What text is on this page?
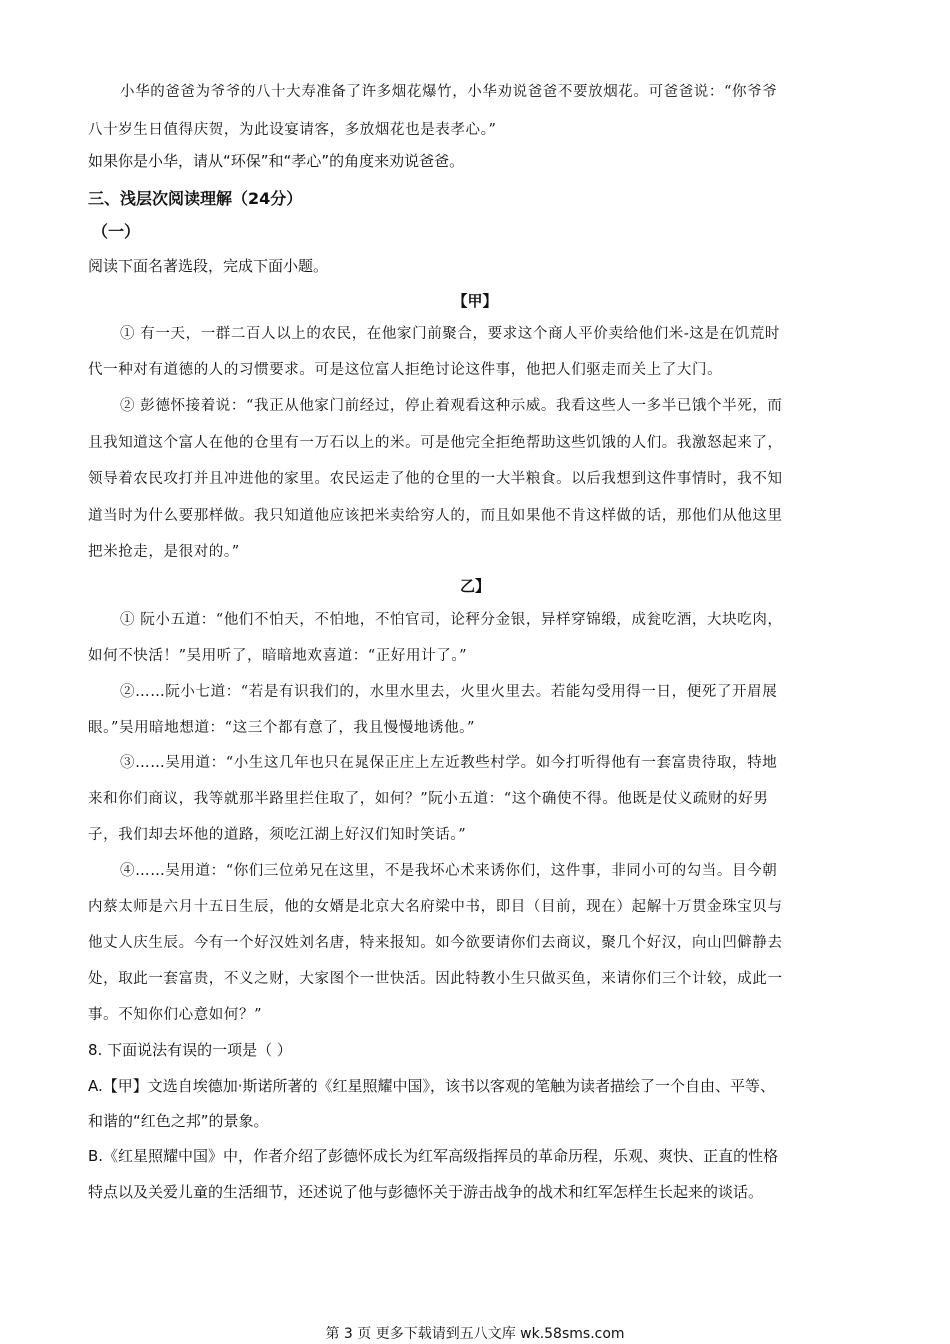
小华的爸爸为爷爷的八十大寿准备了许多烟花爆竹，小华劝说爸爸不要放烟花。可爸爸说：“你爷爷

八十岁生日值得庆贺，为此设宴请客，多放烟花也是表孝心。”

如果你是小华，请从“环保”和“孝心”的角度来劝说爸爸。

三、浅层次阅读理解（24分）

（一）

阅读下面名著选段，完成下面小题。

【甲】

① 有一天，一群二百人以上的农民，在他家门前聚合，要求这个商人平价卖给他们米-这是在饥荒时

代一种对有道德的人的习惯要求。可是这位富人拒绝讨论这件事，他把人们驱走而关上了大门。

② 彭德怀接着说：“我正从他家门前经过，停止着观看这种示威。我看这些人一多半已饿个半死，而

且我知道这个富人在他的仓里有一万石以上的米。可是他完全拒绝帮助这些饥饿的人们。我激怒起来了，

领导着农民攻打并且冲进他的家里。农民运走了他的仓里的一大半粮食。以后我想到这件事情时，我不知

道当时为什么要那样做。我只知道他应该把米卖给穷人的，而且如果他不肯这样做的话，那他们从他这里

把米抢走，是很对的。”

乙】

① 阮小五道：“他们不怕天，不怕地，不怕官司，论秤分金银，异样穿锦缎，成瓮吃酒，大块吃肉，

如何不快活！”吴用听了，暗暗地欢喜道：“正好用计了。”

②……阮小七道：“若是有识我们的，水里水里去，火里火里去。若能勾受用得一日，便死了开眉展

眼。”吴用暗地想道：“这三个都有意了，我且慢慢地诱他。”

③……吴用道：“小生这几年也只在晁保正庄上左近教些村学。如今打听得他有一套富贵待取，特地

来和你们商议，我等就那半路里拦住取了，如何？”阮小五道：“这个确使不得。他既是仗义疏财的好男

子，我们却去坏他的道路，须吃江湖上好汉们知时笑话。”

④……吴用道：“你们三位弟兄在这里，不是我坏心术来诱你们，这件事，非同小可的勾当。目今朝

内蔡太师是六月十五日生辰，他的女婿是北京大名府梁中书，即目（目前，现在）起解十万贯金珠宝贝与

他丈人庆生辰。今有一个好汉姓刘名唐，特来报知。如今欲要请你们去商议，聚几个好汉，向山凹僻静去

处，取此一套富贵，不义之财，大家图个一世快活。因此特教小生只做买鱼，来请你们三个计较，成此一

事。不知你们心意如何？”

8. 下面说法有误的一项是（ ）

A.【甲】文选自埃德加·斯诺所著的《红星照耀中国》，该书以客观的笔触为读者描绘了一个自由、平等、

和谐的“红色之邦”的景象。

B.《红星照耀中国》中，作者介绍了彭德怀成长为红军高级指挥员的革命历程，乐观、爽快、正直的性格

特点以及关爱儿童的生活细节，还述说了他与彭德怀关于游击战争的战术和红军怎样生长起来的谈话。

第 3 页 更多下载请到五八文库 wk.58sms.com
